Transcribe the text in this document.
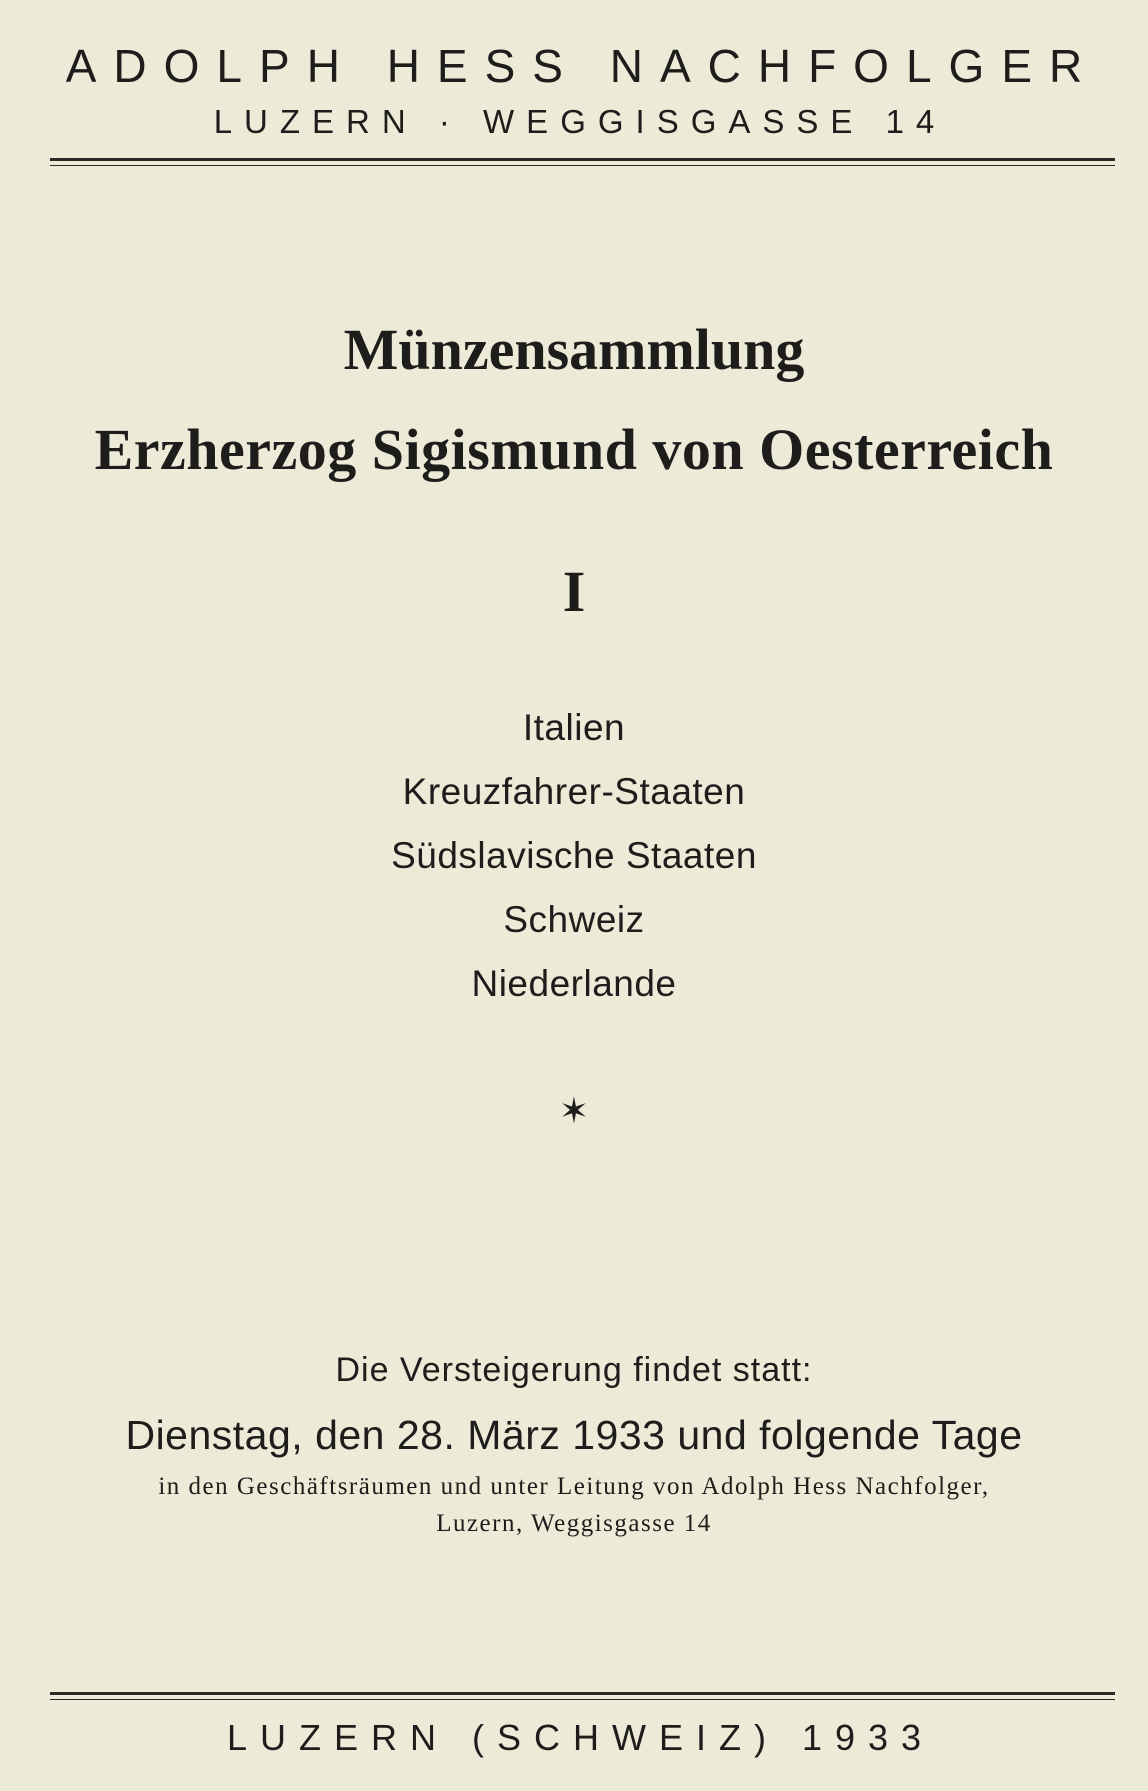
ADOLPH HESS NACHFOLGER
LUZERN · WEGGISGASSE 14
Münzensammlung
Erzherzog Sigismund von Oesterreich
I
Italien
Kreuzfahrer-Staaten
Südslavische Staaten
Schweiz
Niederlande
✶
Die Versteigerung findet statt:
Dienstag, den 28. März 1933 und folgende Tage
in den Geschäftsräumen und unter Leitung von Adolph Hess Nachfolger,
Luzern, Weggisgasse 14
LUZERN (SCHWEIZ) 1933
